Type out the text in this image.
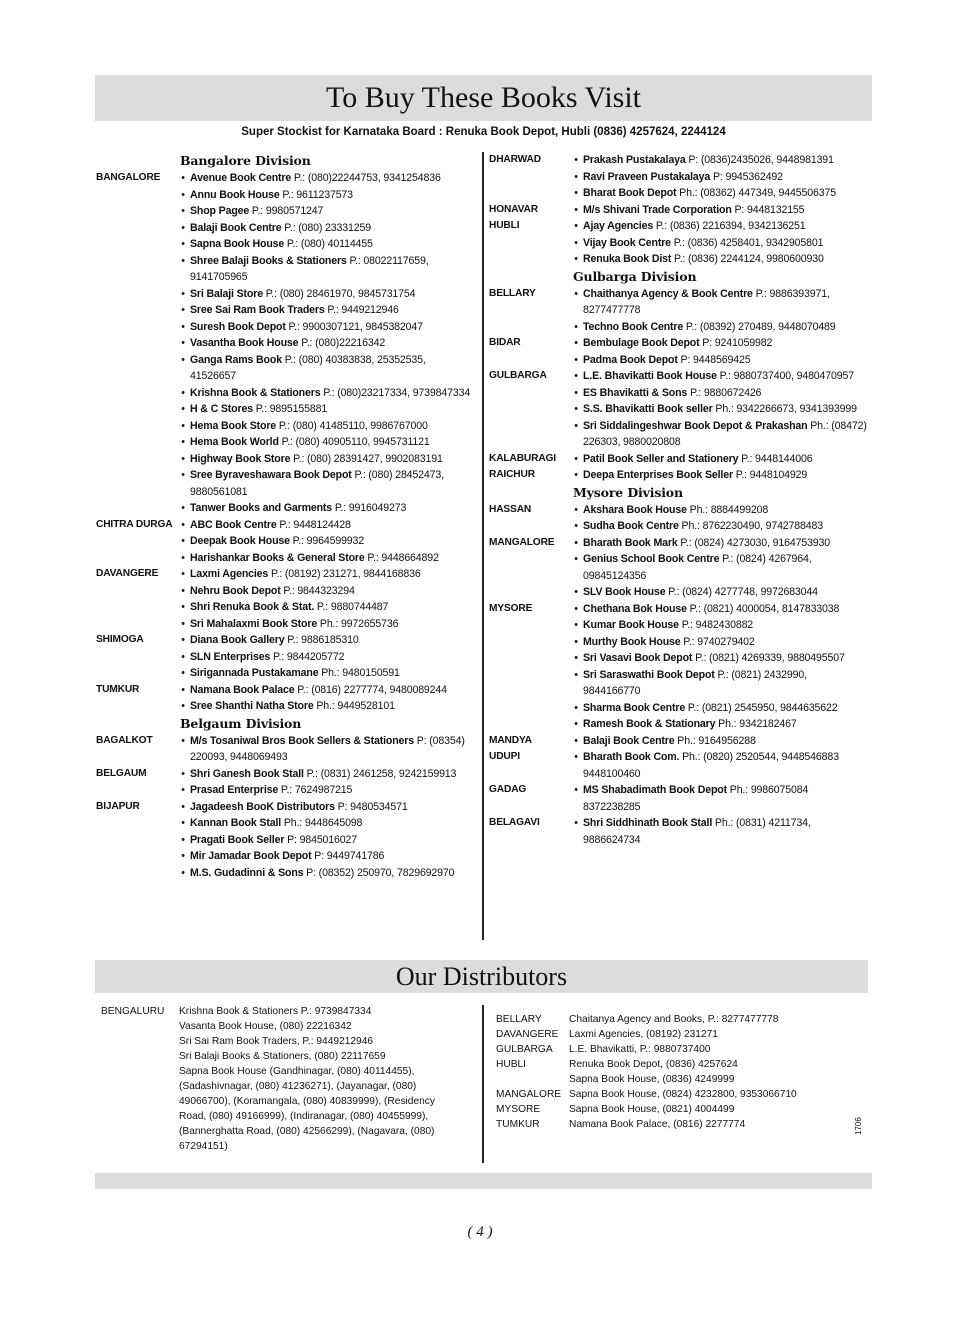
To Buy These Books Visit
Super Stockist for Karnataka Board : Renuka Book Depot, Hubli (0836) 4257624, 2244124
Bangalore Division
BANGALORE	• Avenue Book Centre P.: (080)22244753, 9341254836
• Annu Book House P.: 9611237573
• Shop Pagee P.: 9980571247
• Balaji Book Centre P.: (080) 23331259
• Sapna Book House P.: (080) 40114455
• Shree Balaji Books & Stationers P.: 08022117659, 9141705965
• Sri Balaji Store P.: (080) 28461970, 9845731754
• Sree Sai Ram Book Traders P.: 9449212946
• Suresh Book Depot P.: 9900307121, 9845382047
• Vasantha Book House P.: (080)22216342
• Ganga Rams Book P.: (080) 40383838, 25352535, 41526657
• Krishna Book & Stationers P.: (080)23217334, 9739847334
• H & C Stores P.: 9895155881
• Hema Book Store P.: (080) 41485110, 9986767000
• Hema Book World P.: (080) 40905110, 9945731121
• Highway Book Store P.: (080) 28391427, 9902083191
• Sree Byraveshawara Book Depot P.: (080) 28452473, 9880561081
• Tanwer Books and Garments P.: 9916049273
CHITRA DURGA • ABC Book Centre P.: 9448124428
• Deepak Book House P.: 9964599932
• Harishankar Books & General Store P.: 9448664892
DAVANGERE	• Laxmi Agencies P.: (08192) 231271, 9844168836
• Nehru Book Depot P.: 9844323294
• Shri Renuka Book & Stat. P.: 9880744487
• Sri Mahalaxmi Book Store Ph.: 9972655736
SHIMOGA	• Diana Book Gallery P.: 9886185310
• SLN Enterprises P.: 9844205772
• Sirigannada Pustakamane Ph.: 9480150591
TUMKUR	• Namana Book Palace P.: (0816) 2277774, 9480089244
• Sree Shanthi Natha Store Ph.: 9449528101
Belgaum Division
BAGALKOT	• M/s Tosaniwal Bros Book Sellers & Stationers P: (08354) 220093, 9448069493
BELGAUM	• Shri Ganesh Book Stall P.: (0831) 2461258, 9242159913
• Prasad Enterprise P.: 7624987215
BIJAPUR	• Jagadeesh BooK Distributors P: 9480534571
• Kannan Book Stall Ph.: 9448645098
• Pragati Book Seller P: 9845016027
• Mir Jamadar Book Depot P: 9449741786
• M.S. Gudadinni & Sons P: (08352) 250970, 7829692970
DHARWAD	• Prakash Pustakalaya P: (0836)2435026, 9448981391
• Ravi Praveen Pustakalaya P: 9945362492
• Bharat Book Depot Ph.: (08362) 447349, 9445506375
HONAVAR	• M/s Shivani Trade Corporation P: 9448132155
HUBLI	• Ajay Agencies P.: (0836) 2216394, 9342136251
• Vijay Book Centre P.: (0836) 4258401, 9342905801
• Renuka Book Dist P.: (0836) 2244124, 9980600930
Gulbarga Division
BELLARY	• Chaithanya Agency & Book Centre P.: 9886393971, 8277477778
• Techno Book Centre P.: (08392) 270489, 9448070489
BIDAR	• Bembulage Book Depot P: 9241059982
• Padma Book Depot P: 9448569425
GULBARGA	• L.E. Bhavikatti Book House P.: 9880737400, 9480470957
• ES Bhavikatti & Sons P.: 9880672426
• S.S. Bhavikatti Book seller Ph.: 9342266673, 9341393999
• Sri Siddalingeshwar Book Depot & Prakashan Ph.: (08472) 226303, 9880020808
KALABURAGI	• Patil Book Seller and Stationery P.: 9448144006
RAICHUR	• Deepa Enterprises Book Seller P.: 9448104929
Mysore Division
HASSAN	• Akshara Book House Ph.: 8884499208
• Sudha Book Centre Ph.: 8762230490, 9742788483
MANGALORE	• Bharath Book Mark P.: (0824) 4273030, 9164753930
• Genius School Book Centre P.: (0824) 4267964, 09845124356
• SLV Book House P.: (0824) 4277748, 9972683044
MYSORE	• Chethana Bok House P.: (0821) 4000054, 8147833038
• Kumar Book House P.: 9482430882
• Murthy Book House P.: 9740279402
• Sri Vasavi Book Depot P.: (0821) 4269339, 9880495507
• Sri Saraswathi Book Depot P.: (0821) 2432990, 9844166770
• Sharma Book Centre P.: (0821) 2545950, 9844635622
• Ramesh Book & Stationary Ph.: 9342182467
MANDYA	• Balaji Book Centre Ph.: 9164956288
UDUPI	• Bharath Book Com. Ph.: (0820) 2520544, 9448546883 9448100460
GADAG	• MS Shabadimath Book Depot Ph.: 9986075084 8372238285
BELAGAVI	• Shri Siddhinath Book Stall Ph.: (0831) 4211734, 9886624734
Our Distributors
BENGALURU	Krishna Book & Stationers P.: 9739847334
Vasanta Book House, (080) 22216342
Sri Sai Ram Book Traders, P.: 9449212946
Sri Balaji Books & Stationers, (080) 22117659
Sapna Book House (Gandhinagar, (080) 40114455), (Sadashivnagar, (080) 41236271), (Jayanagar, (080) 49066700), (Koramangala, (080) 40839999), (Residency Road, (080) 49166999), (Indiranagar, (080) 40455999), (Bannerghatta Road, (080) 42566299), (Nagavara, (080) 67294151)
BELLARY	Chaitanya Agency and Books, P.: 8277477778
DAVANGERE	Laxmi Agencies, (08192) 231271
GULBARGA	L.E. Bhavikatti, P.: 9880737400
HUBLI	Renuka Book Depot, (0836) 4257624
Sapna Book House, (0836) 4249999
MANGALORE Sapna Book House, (0824) 4232800, 9353066710
MYSORE	Sapna Book House, (0821) 4004499
TUMKUR	Namana Book Palace, (0816) 2277774	1706
( 4 )
